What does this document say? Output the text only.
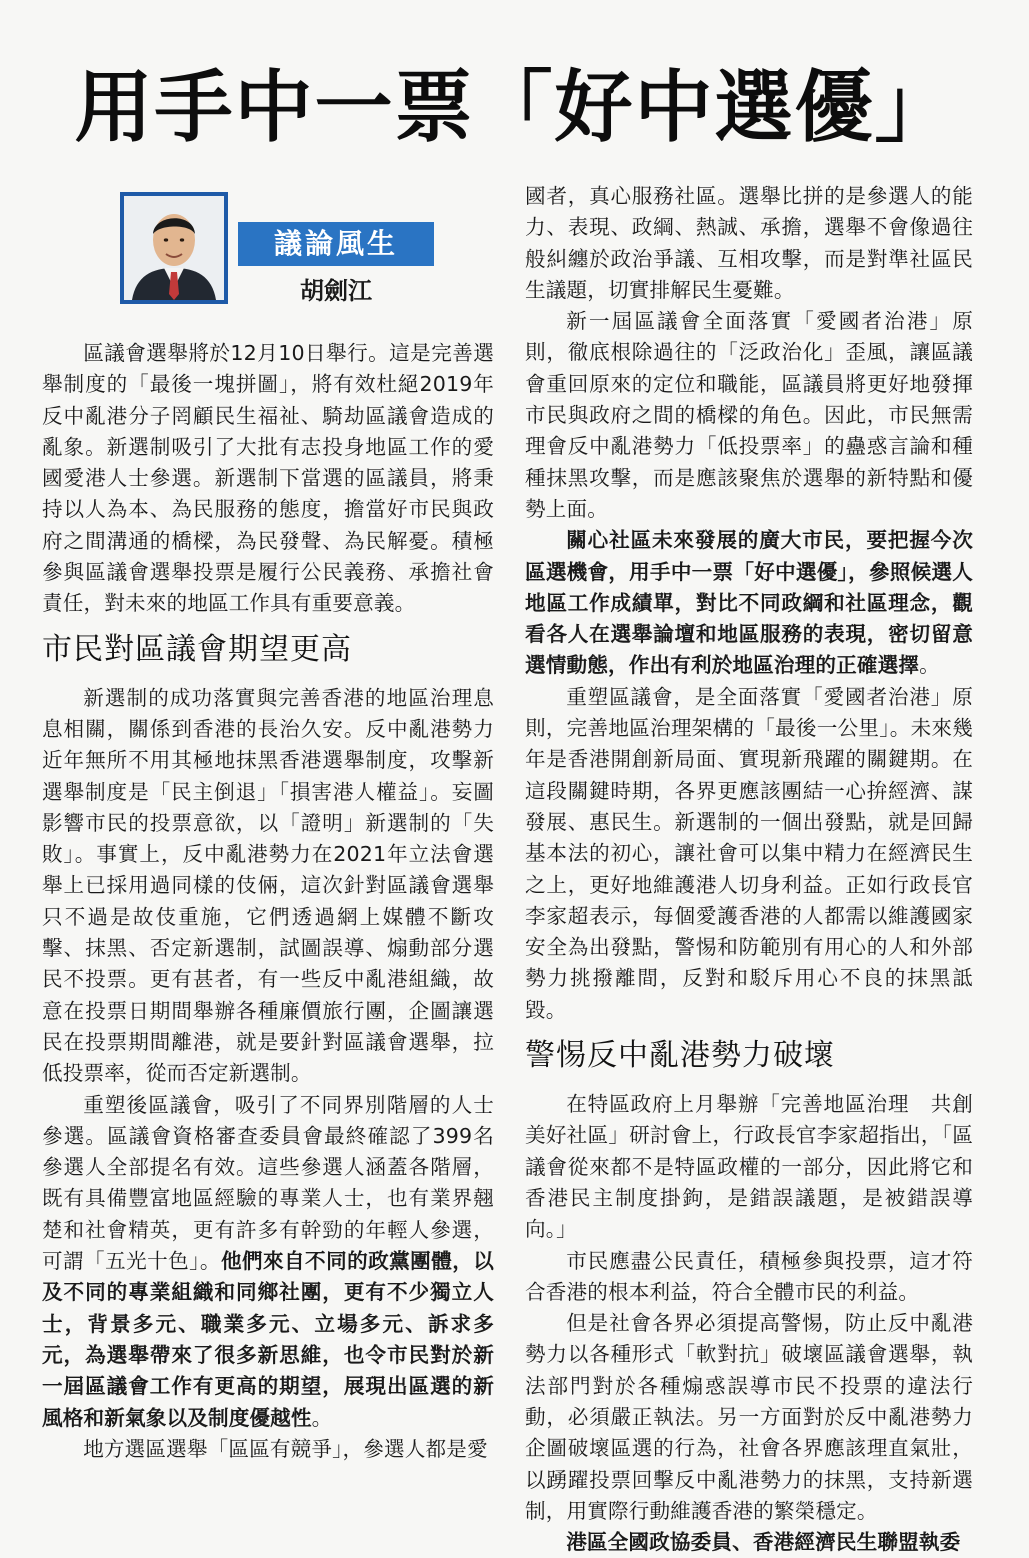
用手中一票「好中選優」
議論風生
胡劍江

區議會選舉將於12月10日舉行。這是完善選舉制度的「最後一塊拼圖」，將有效杜絕2019年反中亂港分子罔顧民生福祉、騎劫區議會造成的亂象。新選制吸引了大批有志投身地區工作的愛國愛港人士參選。新選制下當選的區議員，將秉持以人為本、為民服務的態度，擔當好市民與政府之間溝通的橋樑，為民發聲、為民解憂。積極參與區議會選舉投票是履行公民義務、承擔社會責任，對未來的地區工作具有重要意義。

市民對區議會期望更高

新選制的成功落實與完善香港的地區治理息息相關，關係到香港的長治久安。反中亂港勢力近年無所不用其極地抹黑香港選舉制度，攻擊新選舉制度是「民主倒退」「損害港人權益」。妄圖影響市民的投票意欲，以「證明」新選制的「失敗」。事實上，反中亂港勢力在2021年立法會選舉上已採用過同樣的伎倆，這次針對區議會選舉只不過是故伎重施，它們透過網上媒體不斷攻擊、抹黑、否定新選制，試圖誤導、煽動部分選民不投票。更有甚者，有一些反中亂港組織，故意在投票日期間舉辦各種廉價旅行團，企圖讓選民在投票期間離港，就是要針對區議會選舉，拉低投票率，從而否定新選制。

重塑後區議會，吸引了不同界別階層的人士參選。區議會資格審查委員會最終確認了399名參選人全部提名有效。這些參選人涵蓋各階層，既有具備豐富地區經驗的專業人士，也有業界翹楚和社會精英，更有許多有幹勁的年輕人參選，可謂「五光十色」。他們來自不同的政黨團體，以及不同的專業組織和同鄉社團，更有不少獨立人士，背景多元、職業多元、立場多元、訴求多元，為選舉帶來了很多新思維，也令市民對於新一屆區議會工作有更高的期望，展現出區選的新風格和新氣象以及制度優越性。

地方選區選舉「區區有競爭」，參選人都是愛

國者，真心服務社區。選舉比拼的是參選人的能力、表現、政綱、熱誠、承擔，選舉不會像過往般糾纏於政治爭議、互相攻擊，而是對準社區民生議題，切實排解民生憂難。

新一屆區議會全面落實「愛國者治港」原則，徹底根除過往的「泛政治化」歪風，讓區議會重回原來的定位和職能，區議員將更好地發揮市民與政府之間的橋樑的角色。因此，市民無需理會反中亂港勢力「低投票率」的蠱惑言論和種種抹黑攻擊，而是應該聚焦於選舉的新特點和優勢上面。

關心社區未來發展的廣大市民，要把握今次區選機會，用手中一票「好中選優」，參照候選人地區工作成績單，對比不同政綱和社區理念，觀看各人在選舉論壇和地區服務的表現，密切留意選情動態，作出有利於地區治理的正確選擇。

重塑區議會，是全面落實「愛國者治港」原則，完善地區治理架構的「最後一公里」。未來幾年是香港開創新局面、實現新飛躍的關鍵期。在這段關鍵時期，各界更應該團結一心拚經濟、謀發展、惠民生。新選制的一個出發點，就是回歸基本法的初心，讓社會可以集中精力在經濟民生之上，更好地維護港人切身利益。正如行政長官李家超表示，每個愛護香港的人都需以維護國家安全為出發點，警惕和防範別有用心的人和外部勢力挑撥離間，反對和駁斥用心不良的抹黑詆毀。

警惕反中亂港勢力破壞

在特區政府上月舉辦「完善地區治理　共創美好社區」研討會上，行政長官李家超指出，「區議會從來都不是特區政權的一部分，因此將它和香港民主制度掛鉤，是錯誤議題，是被錯誤導向。」

市民應盡公民責任，積極參與投票，這才符合香港的根本利益，符合全體市民的利益。

但是社會各界必須提高警惕，防止反中亂港勢力以各種形式「軟對抗」破壞區議會選舉，執法部門對於各種煽惑誤導市民不投票的違法行動，必須嚴正執法。另一方面對於反中亂港勢力企圖破壞區選的行為，社會各界應該理直氣壯，以踴躍投票回擊反中亂港勢力的抹黑，支持新選制，用實際行動維護香港的繁榮穩定。

港區全國政協委員、香港經濟民生聯盟執委
